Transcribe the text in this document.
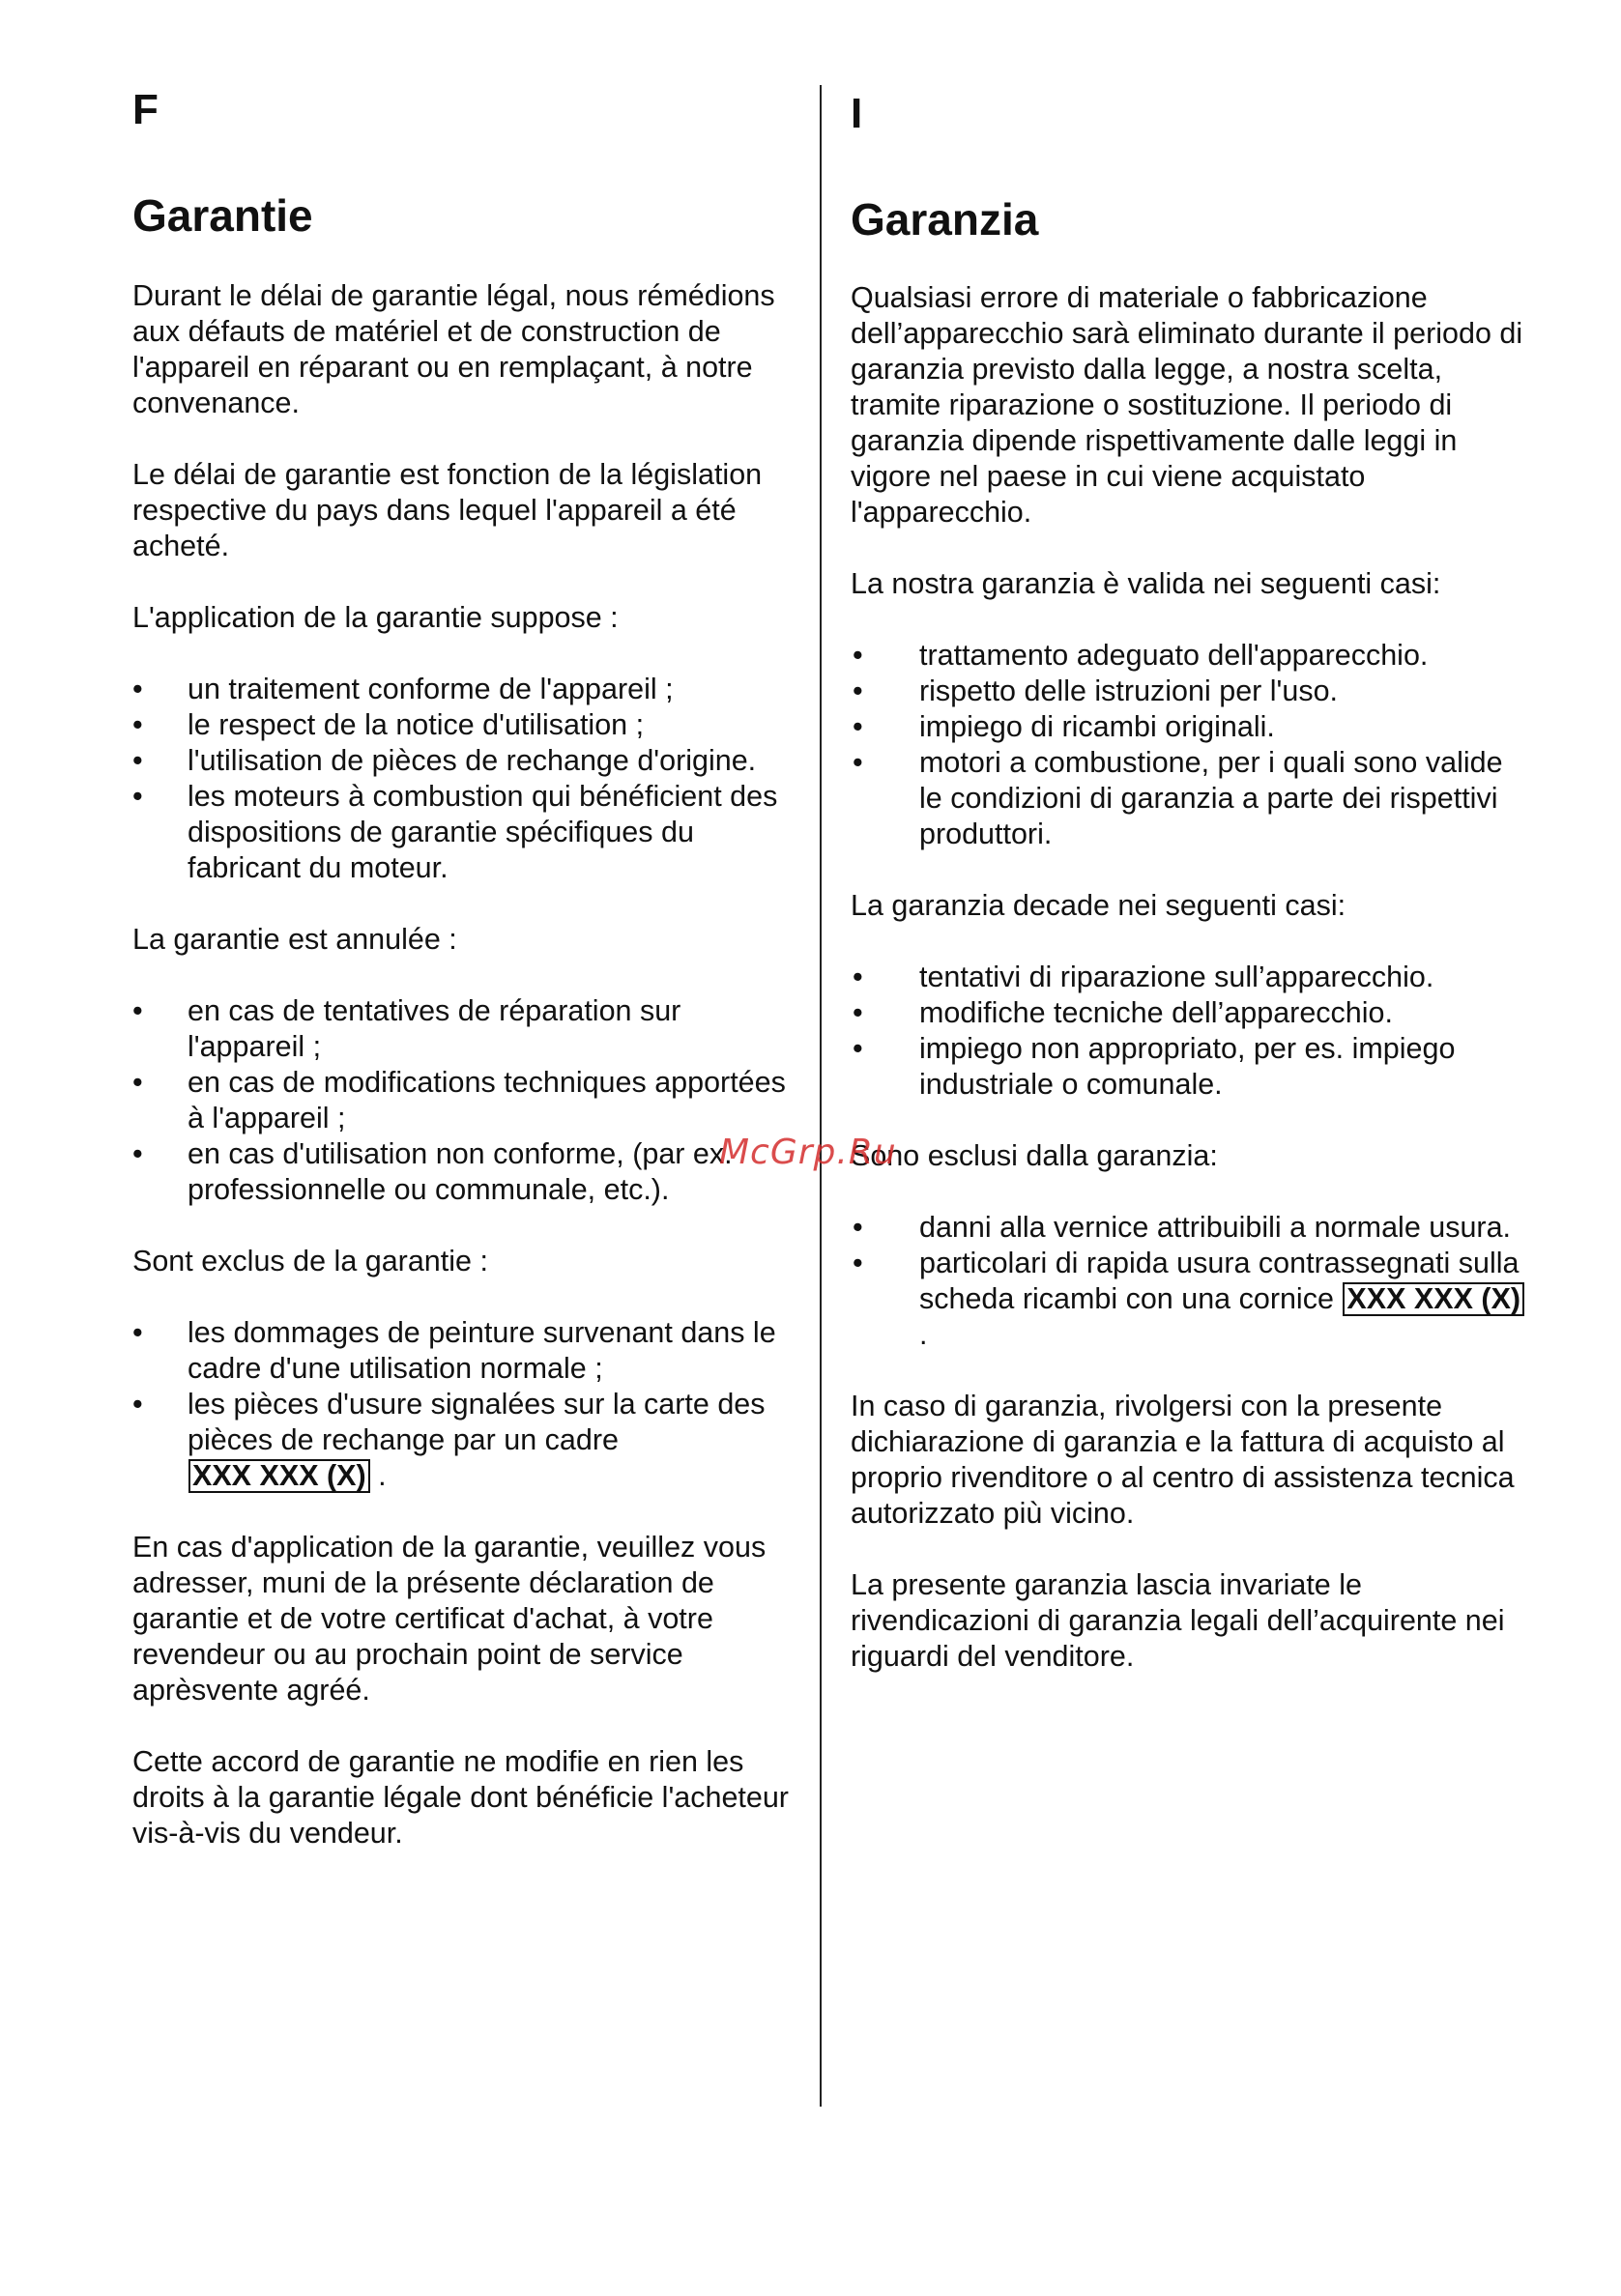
F
Garantie

Durant le délai de garantie légal, nous rémédions aux défauts de matériel et de construction de l'appareil en réparant ou en remplaçant, à notre convenance.

Le délai de garantie est fonction de la législation respective du pays dans lequel l'appareil a été acheté.

L'application de la garantie suppose :

• un traitement conforme de l'appareil ;
• le respect de la notice d'utilisation ;
• l'utilisation de pièces de rechange d'origine.
• les moteurs à combustion qui bénéficient des dispositions de garantie spécifiques du fabricant du moteur.

La garantie est annulée :

• en cas de tentatives de réparation sur l'appareil ;
• en cas de modifications techniques apportées à l'appareil ;
• en cas d'utilisation non conforme, (par ex. professionnelle ou communale, etc.).

Sont exclus de la garantie :

• les dommages de peinture survenant dans le cadre d'une utilisation normale ;
• les pièces d'usure signalées sur la carte des pièces de rechange par un cadre XXX XXX (X) .

En cas d'application de la garantie, veuillez vous adresser, muni de la présente déclaration de garantie et de votre certificat d'achat, à votre revendeur ou au prochain point de service aprèsvente agréé.

Cette accord de garantie ne modifie en rien les droits à la garantie légale dont bénéficie l'acheteur vis-à-vis du vendeur.

I
Garanzia

Qualsiasi errore di materiale o fabbricazione dell’apparecchio sarà eliminato durante il periodo di garanzia previsto dalla legge, a nostra scelta, tramite riparazione o sostituzione. Il periodo di garanzia dipende rispettivamente dalle leggi in vigore nel paese in cui viene acquistato l'apparecchio.

La nostra garanzia è valida nei seguenti casi:

• trattamento adeguato dell'apparecchio.
• rispetto delle istruzioni per l'uso.
• impiego di ricambi originali.
• motori a combustione, per i quali sono valide le condizioni di garanzia a parte dei rispettivi produttori.

La garanzia decade nei seguenti casi:

• tentativi di riparazione sull’apparecchio.
• modifiche tecniche dell’apparecchio.
• impiego non appropriato, per es. impiego industriale o comunale.

Sono esclusi dalla garanzia:

• danni alla vernice attribuibili a normale usura.
• particolari di rapida usura contrassegnati sulla scheda ricambi con una cornice XXX XXX (X).

In caso di garanzia, rivolgersi con la presente dichiarazione di garanzia e la fattura di acquisto al proprio rivenditore o al centro di assistenza tecnica autorizzato più vicino.

La presente garanzia lascia invariate le rivendicazioni di garanzia legali dell’acquirente nei riguardi del venditore.

McGrp.Ru
